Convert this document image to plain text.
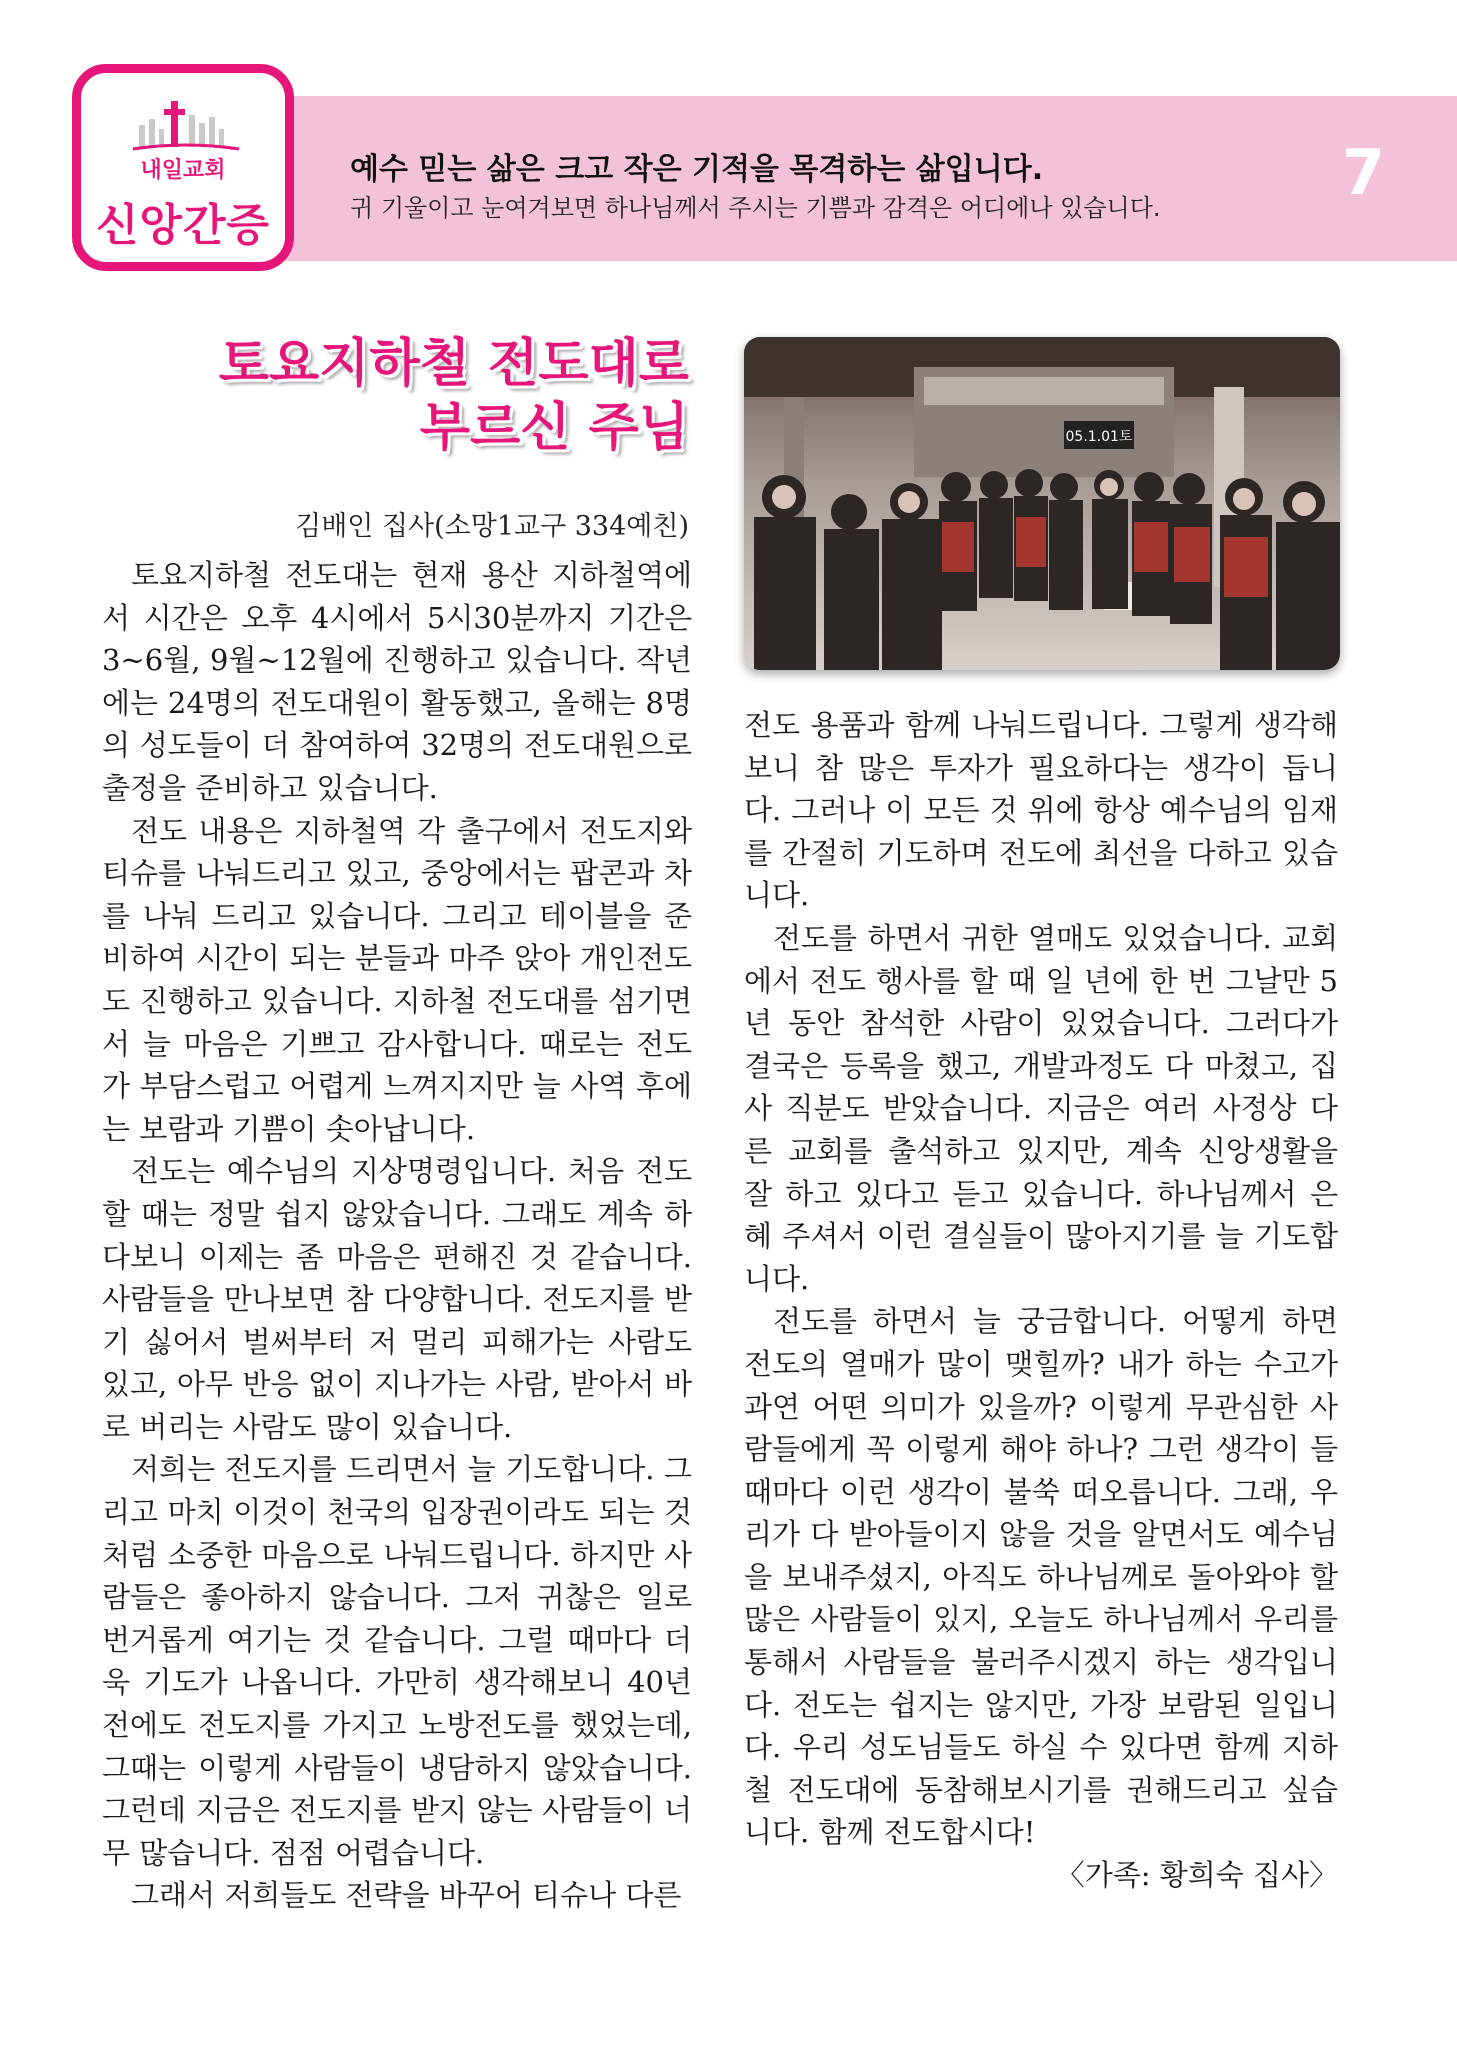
예수 믿는 삶은 크고 작은 기적을 목격하는 삶입니다.
귀 기울이고 눈여겨보면 하나님께서 주시는 기쁨과 감격은 어디에나 있습니다.	7
내일교회
신앙간증
토요지하철 전도대로
부르신 주님
김배인 집사(소망1교구 334예친)
05.1.01토

토요지하철 전도대는 현재 용산 지하철역에서 시간은 오후 4시에서 5시30분까지 기간은 3~6월, 9월~12월에 진행하고 있습니다. 작년에는 24명의 전도대원이 활동했고, 올해는 8명의 성도들이 더 참여하여 32명의 전도대원으로 출정을 준비하고 있습니다.

전도 내용은 지하철역 각 출구에서 전도지와 티슈를 나눠드리고 있고, 중앙에서는 팝콘과 차를 나눠 드리고 있습니다. 그리고 테이블을 준비하여 시간이 되는 분들과 마주 앉아 개인전도도 진행하고 있습니다. 지하철 전도대를 섬기면서 늘 마음은 기쁘고 감사합니다. 때로는 전도가 부담스럽고 어렵게 느껴지지만 늘 사역 후에는 보람과 기쁨이 솟아납니다.

전도는 예수님의 지상명령입니다. 처음 전도할 때는 정말 쉽지 않았습니다. 그래도 계속 하다보니 이제는 좀 마음은 편해진 것 같습니다. 사람들을 만나보면 참 다양합니다. 전도지를 받기 싫어서 벌써부터 저 멀리 피해가는 사람도 있고, 아무 반응 없이 지나가는 사람, 받아서 바로 버리는 사람도 많이 있습니다.

저희는 전도지를 드리면서 늘 기도합니다. 그리고 마치 이것이 천국의 입장권이라도 되는 것처럼 소중한 마음으로 나눠드립니다. 하지만 사람들은 좋아하지 않습니다. 그저 귀찮은 일로 번거롭게 여기는 것 같습니다. 그럴 때마다 더욱 기도가 나옵니다. 가만히 생각해보니 40년 전에도 전도지를 가지고 노방전도를 했었는데, 그때는 이렇게 사람들이 냉담하지 않았습니다. 그런데 지금은 전도지를 받지 않는 사람들이 너무 많습니다. 점점 어렵습니다.

그래서 저희들도 전략을 바꾸어 티슈나 다른

전도 용품과 함께 나눠드립니다. 그렇게 생각해보니 참 많은 투자가 필요하다는 생각이 듭니다. 그러나 이 모든 것 위에 항상 예수님의 임재를 간절히 기도하며 전도에 최선을 다하고 있습니다.

전도를 하면서 귀한 열매도 있었습니다. 교회에서 전도 행사를 할 때 일 년에 한 번 그날만 5년 동안 참석한 사람이 있었습니다. 그러다가 결국은 등록을 했고, 개발과정도 다 마쳤고, 집사 직분도 받았습니다. 지금은 여러 사정상 다른 교회를 출석하고 있지만, 계속 신앙생활을 잘 하고 있다고 듣고 있습니다. 하나님께서 은혜 주셔서 이런 결실들이 많아지기를 늘 기도합니다.

전도를 하면서 늘 궁금합니다. 어떻게 하면 전도의 열매가 많이 맺힐까? 내가 하는 수고가 과연 어떤 의미가 있을까? 이렇게 무관심한 사람들에게 꼭 이렇게 해야 하나? 그런 생각이 들 때마다 이런 생각이 불쑥 떠오릅니다. 그래, 우리가 다 받아들이지 않을 것을 알면서도 예수님을 보내주셨지, 아직도 하나님께로 돌아와야 할 많은 사람들이 있지, 오늘도 하나님께서 우리를 통해서 사람들을 불러주시겠지 하는 생각입니다. 전도는 쉽지는 않지만, 가장 보람된 일입니다. 우리 성도님들도 하실 수 있다면 함께 지하철 전도대에 동참해보시기를 권해드리고 싶습니다. 함께 전도합시다!

〈가족: 황희숙 집사〉
